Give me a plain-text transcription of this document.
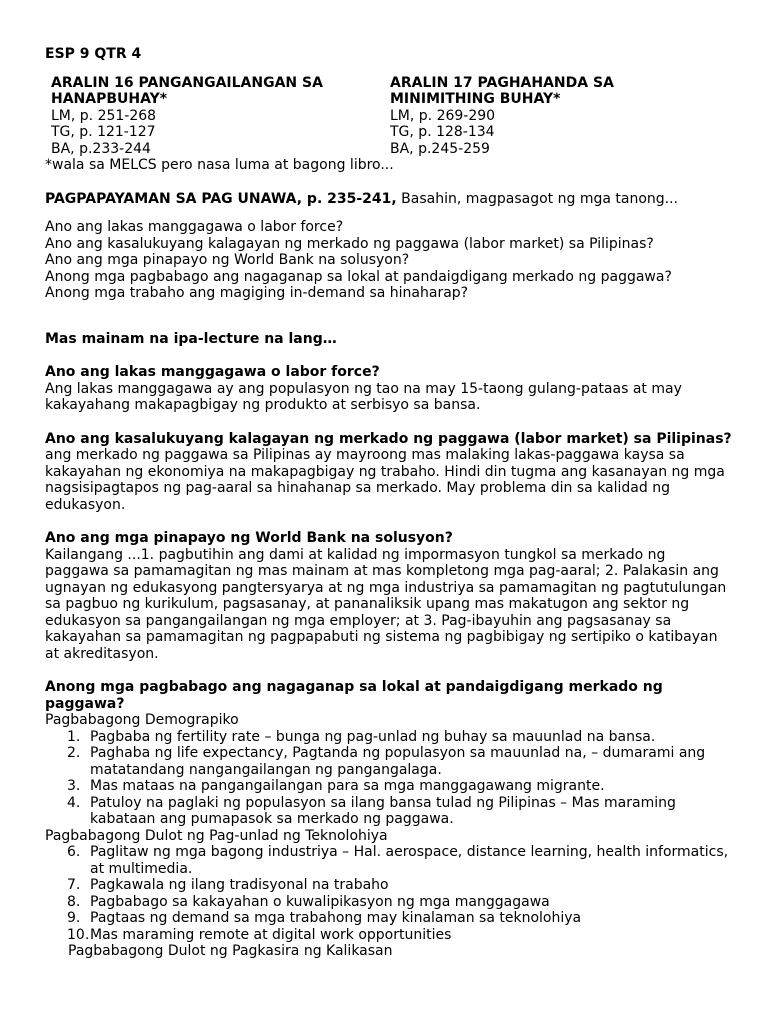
ESP 9 QTR 4
ARALIN 16 PANGANGAILANGAN SA
HANAPBUHAY*
LM, p. 251-268
TG, p. 121-127
BA, p.233-244
ARALIN 17 PAGHAHANDA SA
MINIMITHING BUHAY*
LM, p. 269-290
TG, p. 128-134
BA, p.245-259
*wala sa MELCS pero nasa luma at bagong libro...
PAGPAPAYAMAN SA PAG UNAWA, p. 235-241, Basahin, magpasagot ng mga tanong...
Ano ang lakas manggagawa o labor force?
Ano ang kasalukuyang kalagayan ng merkado ng paggawa (labor market) sa Pilipinas?
Ano ang mga pinapayo ng World Bank na solusyon?
Anong mga pagbabago ang nagaganap sa lokal at pandaigdigang merkado ng paggawa?
Anong mga trabaho ang magiging in-demand sa hinaharap?
Mas mainam na ipa-lecture na lang…
Ano ang lakas manggagawa o labor force?
Ang lakas manggagawa ay ang populasyon ng tao na may 15-taong gulang-pataas at may
kakayahang makapagbigay ng produkto at serbisyo sa bansa.
Ano ang kasalukuyang kalagayan ng merkado ng paggawa (labor market) sa Pilipinas?
ang merkado ng paggawa sa Pilipinas ay mayroong mas malaking lakas-paggawa kaysa sa
kakayahan ng ekonomiya na makapagbigay ng trabaho. Hindi din tugma ang kasanayan ng mga
nagsisipagtapos ng pag-aaral sa hinahanap sa merkado. May problema din sa kalidad ng
edukasyon.
Ano ang mga pinapayo ng World Bank na solusyon?
Kailangang ...1. pagbutihin ang dami at kalidad ng impormasyon tungkol sa merkado ng
paggawa sa pamamagitan ng mas mainam at mas kompletong mga pag-aaral; 2. Palakasin ang
ugnayan ng edukasyong pangtersyarya at ng mga industriya sa pamamagitan ng pagtutulungan
sa pagbuo ng kurikulum, pagsasanay, at pananaliksik upang mas makatugon ang sektor ng
edukasyon sa pangangailangan ng mga employer; at 3. Pag-ibayuhin ang pagsasanay sa
kakayahan sa pamamagitan ng pagpapabuti ng sistema ng pagbibigay ng sertipiko o katibayan
at akreditasyon.
Anong mga pagbabago ang nagaganap sa lokal at pandaigdigang merkado ng
paggawa?
Pagbabagong Demograpiko
1. Pagbaba ng fertility rate – bunga ng pag-unlad ng buhay sa mauunlad na bansa.
2. Paghaba ng life expectancy, Pagtanda ng populasyon sa mauunlad na, – dumarami ang
matatandang nangangailangan ng pangangalaga.
3. Mas mataas na pangangailangan para sa mga manggagawang migrante.
4. Patuloy na paglaki ng populasyon sa ilang bansa tulad ng Pilipinas – Mas maraming
kabataan ang pumapasok sa merkado ng paggawa.
Pagbabagong Dulot ng Pag-unlad ng Teknolohiya
6. Paglitaw ng mga bagong industriya – Hal. aerospace, distance learning, health informatics,
at multimedia.
7. Pagkawala ng ilang tradisyonal na trabaho
8. Pagbabago sa kakayahan o kuwalipikasyon ng mga manggagawa
9. Pagtaas ng demand sa mga trabahong may kinalaman sa teknolohiya
10. Mas maraming remote at digital work opportunities
Pagbabagong Dulot ng Pagkasira ng Kalikasan
